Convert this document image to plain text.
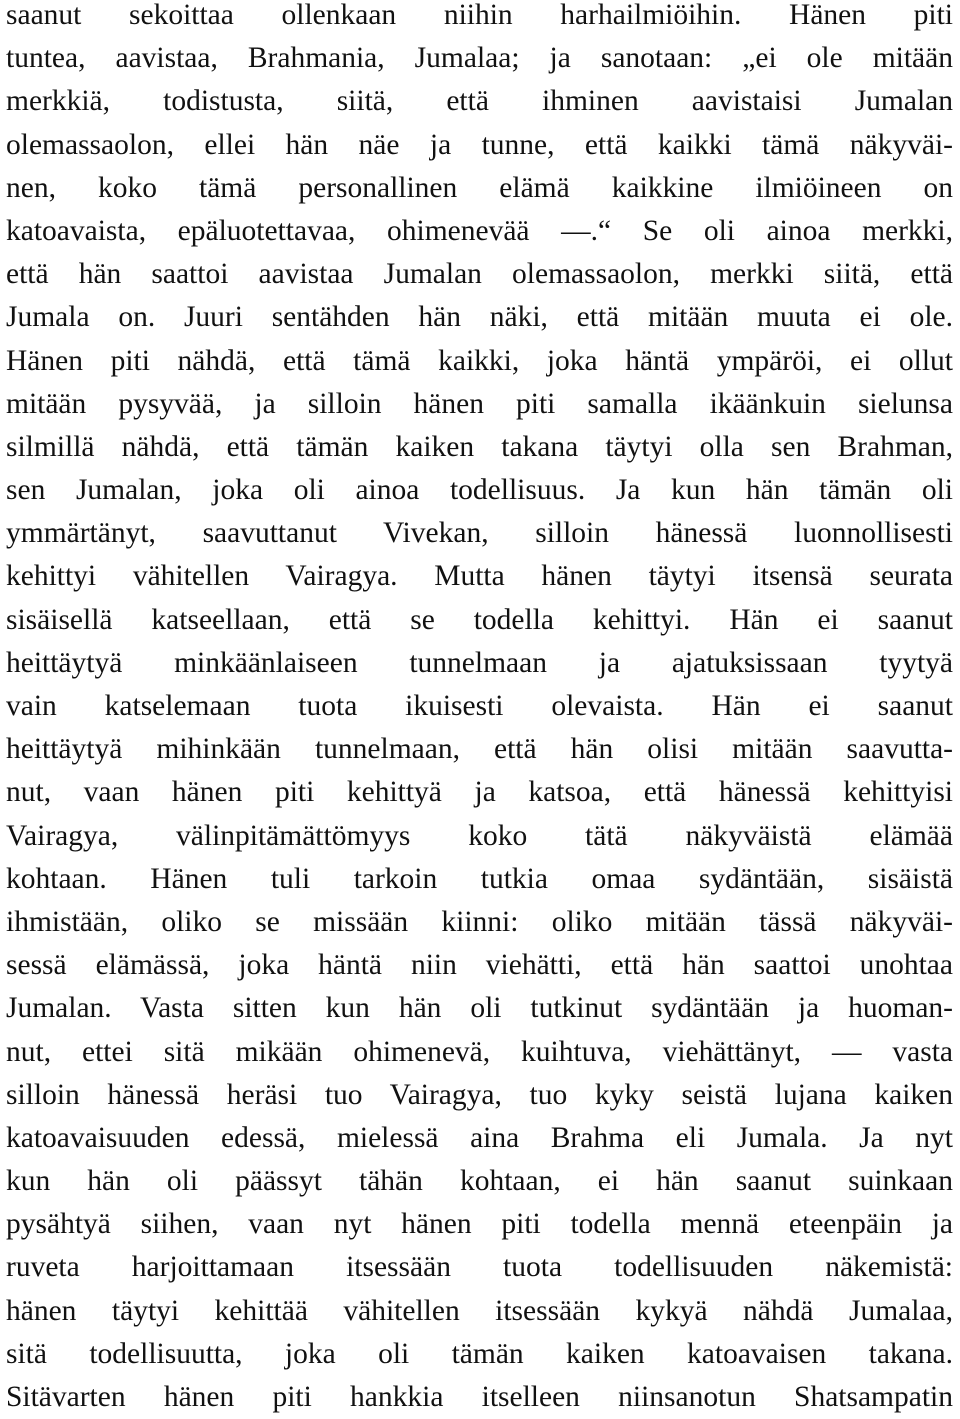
saanut sekoittaa ollenkaan niihin harhailmiöihin. Hänen piti
tuntea, aavistaa, Brahmania, Jumalaa; ja sanotaan: „ei ole mitään
merkkiä, todistusta, siitä, että ihminen aavistaisi Jumalan
olemassaolon, ellei hän näe ja tunne, että kaikki tämä näkyväi-
nen, koko tämä personallinen elämä kaikkine ilmiöineen on
katoavaista, epäluotettavaa, ohimenevää —.“ Se oli ainoa merkki,
että hän saattoi aavistaa Jumalan olemassaolon, merkki siitä, että
Jumala on. Juuri sentähden hän näki, että mitään muuta ei ole.
Hänen piti nähdä, että tämä kaikki, joka häntä ympäröi, ei ollut
mitään pysyvää, ja silloin hänen piti samalla ikäänkuin sielunsa
silmillä nähdä, että tämän kaiken takana täytyi olla sen Brahman,
sen Jumalan, joka oli ainoa todellisuus. Ja kun hän tämän oli
ymmärtänyt, saavuttanut Vivekan, silloin hänessä luonnollisesti
kehittyi vähitellen Vairagya. Mutta hänen täytyi itsensä seurata
sisäisellä katseellaan, että se todella kehittyi. Hän ei saanut
heittäytyä minkäänlaiseen tunnelmaan ja ajatuksissaan tyytyä
vain katselemaan tuota ikuisesti olevaista. Hän ei saanut
heittäytyä mihinkään tunnelmaan, että hän olisi mitään saavutta-
nut, vaan hänen piti kehittyä ja katsoa, että hänessä kehittyisi
Vairagya, välinpitämättömyys koko tätä näkyväistä elämää
kohtaan. Hänen tuli tarkoin tutkia omaa sydäntään, sisäistä
ihmistään, oliko se missään kiinni: oliko mitään tässä näkyväi-
sessä elämässä, joka häntä niin viehätti, että hän saattoi unohtaa
Jumalan. Vasta sitten kun hän oli tutkinut sydäntään ja huoman-
nut, ettei sitä mikään ohimenevä, kuihtuva, viehättänyt, — vasta
silloin hänessä heräsi tuo Vairagya, tuo kyky seistä lujana kaiken
katoavaisuuden edessä, mielessä aina Brahma eli Jumala. Ja nyt
kun hän oli päässyt tähän kohtaan, ei hän saanut suinkaan
pysähtyä siihen, vaan nyt hänen piti todella mennä eteenpäin ja
ruveta harjoittamaan itsessään tuota todellisuuden näkemistä:
hänen täytyi kehittää vähitellen itsessään kykyä nähdä Jumalaa,
sitä todellisuutta, joka oli tämän kaiken katoavaisen takana.
Sitävarten hänen piti hankkia itselleen niinsanotun Shatsampatin
